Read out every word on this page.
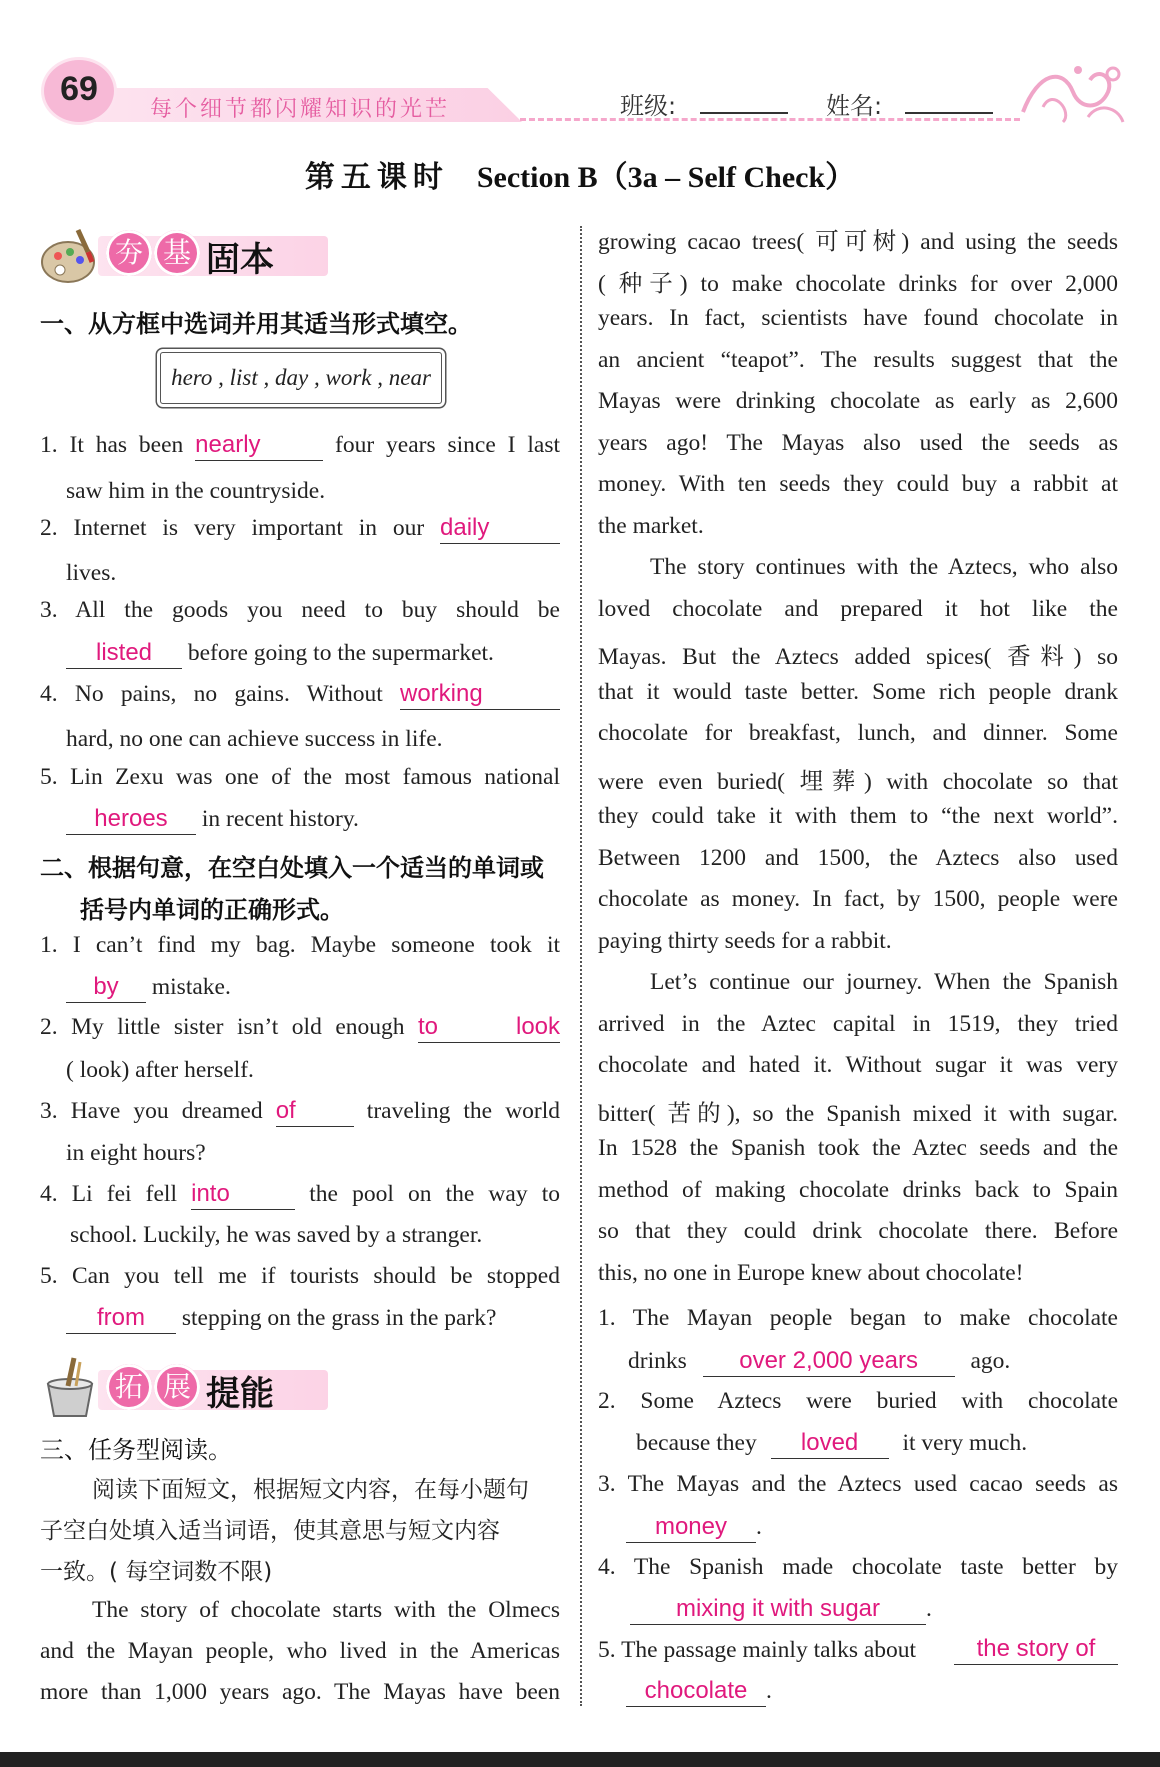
69
每个细节都闪耀知识的光芒	班级:	姓名:
第五课时 Section B（3a – Self Check）
夯 基 固本
一、从方框中选词并用其适当形式填空。
hero , list , day , work , near
1. It has been nearly	four years since I last
saw him in the countryside.
2. Internet is very important in our daily
lives.
3. All the goods you need to buy should be
listed before going to the supermarket.
4. No pains, no gains. Without working
hard, no one can achieve success in life.
5. Lin Zexu was one of the most famous national
heroes in recent history.
二、根据句意，在空白处填入一个适当的单词或
括号内单词的正确形式。
1. I can’t find my bag. Maybe someone took it
by mistake.
2. My little sister isn’t old enough to look
( look) after herself.
3. Have you dreamed of	traveling the world
in eight hours?
4. Li fei fell into	the pool on the way to
school. Luckily, he was saved by a stranger.
5. Can you tell me if tourists should be stopped
from stepping on the grass in the park?
拓 展 提能
三、任务型阅读。
阅读下面短文，根据短文内容，在每小题句
子空白处填入适当词语，使其意思与短文内容
一致。( 每空词数不限)
The story of chocolate starts with the Olmecs
and the Mayan people, who lived in the Americas
more than 1,000 years ago. The Mayas have been
growing cacao trees( 可可树) and using the seeds
( 种子) to make chocolate drinks for over 2,000
years. In fact, scientists have found chocolate in
an ancient “teapot”. The results suggest that the
Mayas were drinking chocolate as early as 2,600
years ago! The Mayas also used the seeds as
money. With ten seeds they could buy a rabbit at
the market.
The story continues with the Aztecs, who also
loved chocolate and prepared it hot like the
Mayas. But the Aztecs added spices( 香料) so
that it would taste better. Some rich people drank
chocolate for breakfast, lunch, and dinner. Some
were even buried( 埋葬) with chocolate so that
they could take it with them to “the next world”.
Between 1200 and 1500, the Aztecs also used
chocolate as money. In fact, by 1500, people were
paying thirty seeds for a rabbit.
Let’s continue our journey. When the Spanish
arrived in the Aztec capital in 1519, they tried
chocolate and hated it. Without sugar it was very
bitter( 苦的), so the Spanish mixed it with sugar.
In 1528 the Spanish took the Aztec seeds and the
method of making chocolate drinks back to Spain
so that they could drink chocolate there. Before
this, no one in Europe knew about chocolate!
1. The Mayan people began to make chocolate
drinks over 2,000 years ago.
2. Some Aztecs were buried with chocolate
because they loved it very much.
3. The Mayas and the Aztecs used cacao seeds as
money .
4. The Spanish made chocolate taste better by
mixing it with sugar .
5. The passage mainly talks about	the story of
chocolate .
